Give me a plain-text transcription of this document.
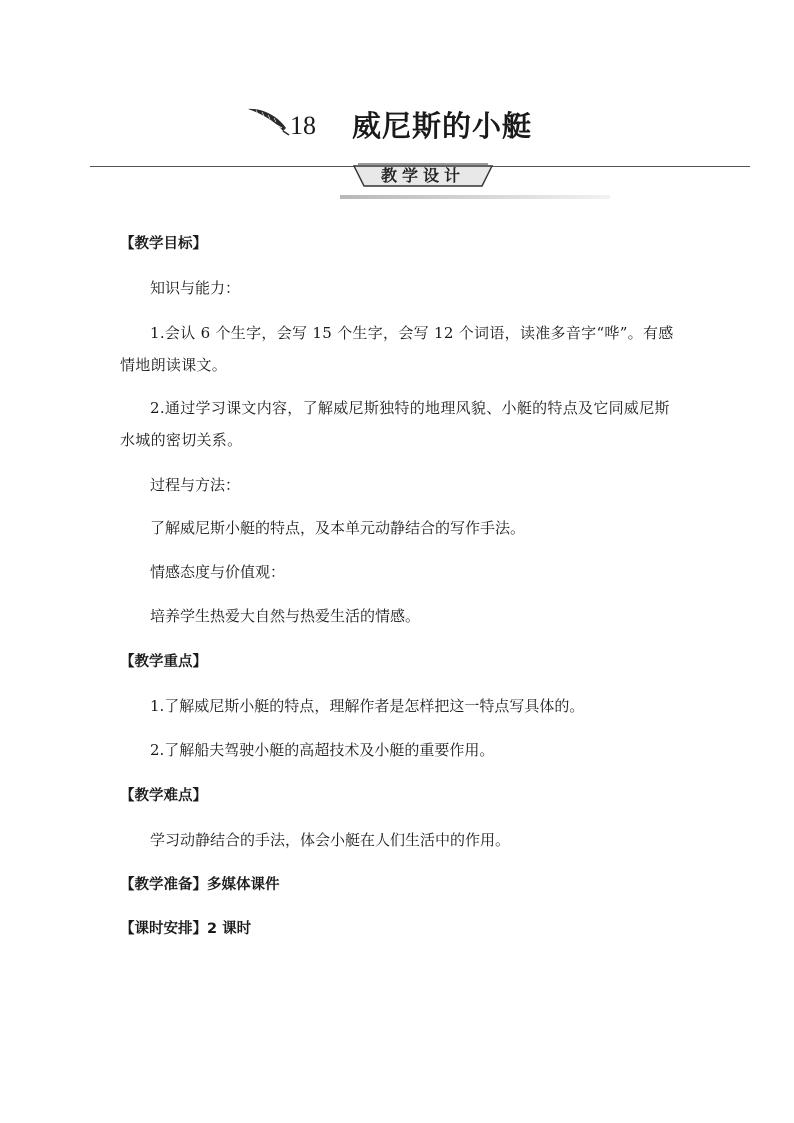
18 威尼斯的小艇
教学设计
【教学目标】
知识与能力：
1.会认 6 个生字，会写 15 个生字，会写 12 个词语，读准多音字“哗”。有感情地朗读课文。
2.通过学习课文内容，了解威尼斯独特的地理风貌、小艇的特点及它同威尼斯水城的密切关系。
过程与方法：
了解威尼斯小艇的特点，及本单元动静结合的写作手法。
情感态度与价值观：
培养学生热爱大自然与热爱生活的情感。
【教学重点】
1.了解威尼斯小艇的特点，理解作者是怎样把这一特点写具体的。
2.了解船夫驾驶小艇的高超技术及小艇的重要作用。
【教学难点】
学习动静结合的手法，体会小艇在人们生活中的作用。
【教学准备】多媒体课件
【课时安排】2 课时
